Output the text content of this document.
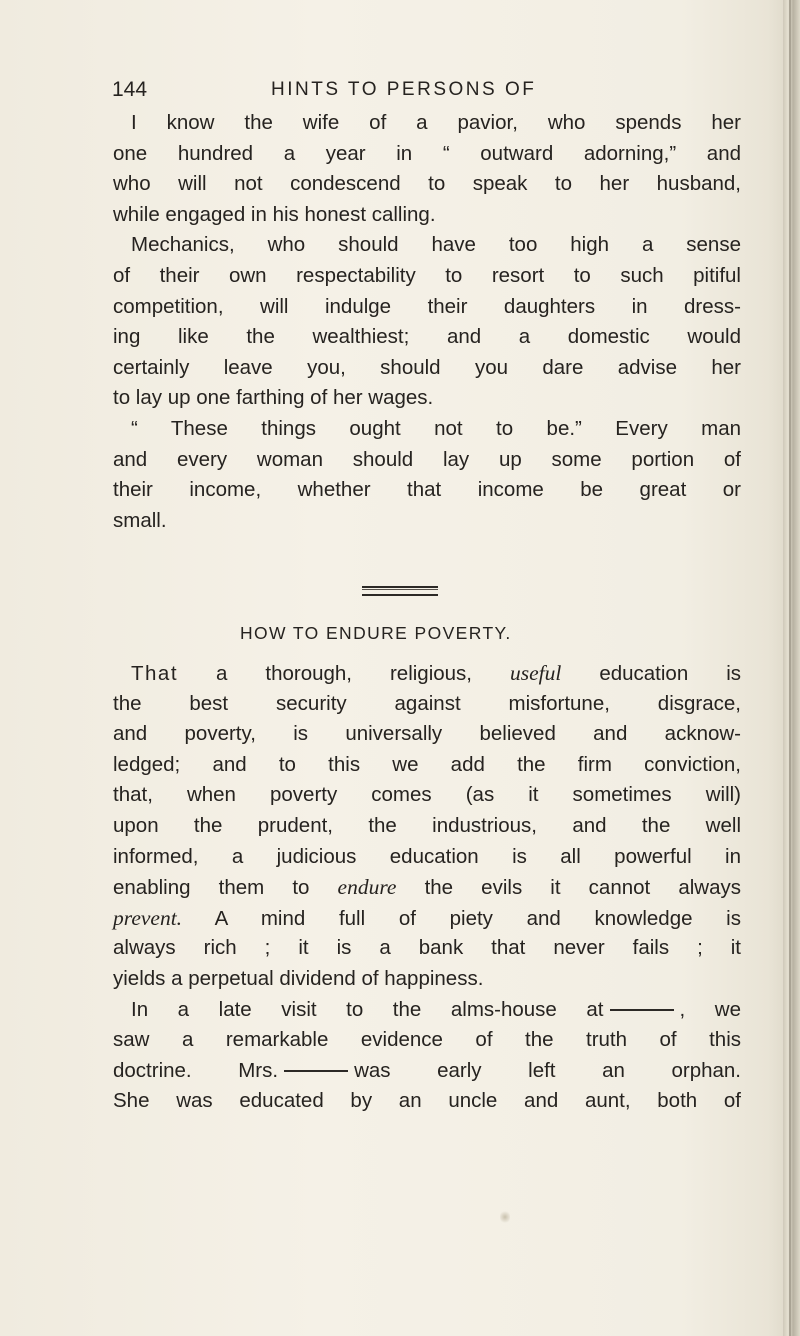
144	HINTS TO PERSONS OF
I know the wife of a pavior, who spends her
one hundred a year in “ outward adorning,” and
who will not condescend to speak to her husband,
while engaged in his honest calling.
Mechanics, who should have too high a sense
of their own respectability to resort to such pitiful
competition, will indulge their daughters in dress-
ing like the wealthiest; and a domestic would
certainly leave you, should you dare advise her
to lay up one farthing of her wages.
“ These things ought not to be.” Every man
and every woman should lay up some portion of
their income, whether that income be great or
small.
HOW TO ENDURE POVERTY.
That a thorough, religious, useful education is
the best security against misfortune, disgrace,
and poverty, is universally believed and acknow-
ledged; and to this we add the firm conviction,
that, when poverty comes (as it sometimes will)
upon the prudent, the industrious, and the well
informed, a judicious education is all powerful in
enabling them to endure the evils it cannot always
prevent. A mind full of piety and knowledge is
always rich ; it is a bank that never fails ; it
yields a perpetual dividend of happiness.
In a late visit to the alms-house at	, we
saw a remarkable evidence of the truth of this
doctrine. Mrs.	was early left an orphan.
She was educated by an uncle and aunt, both of
